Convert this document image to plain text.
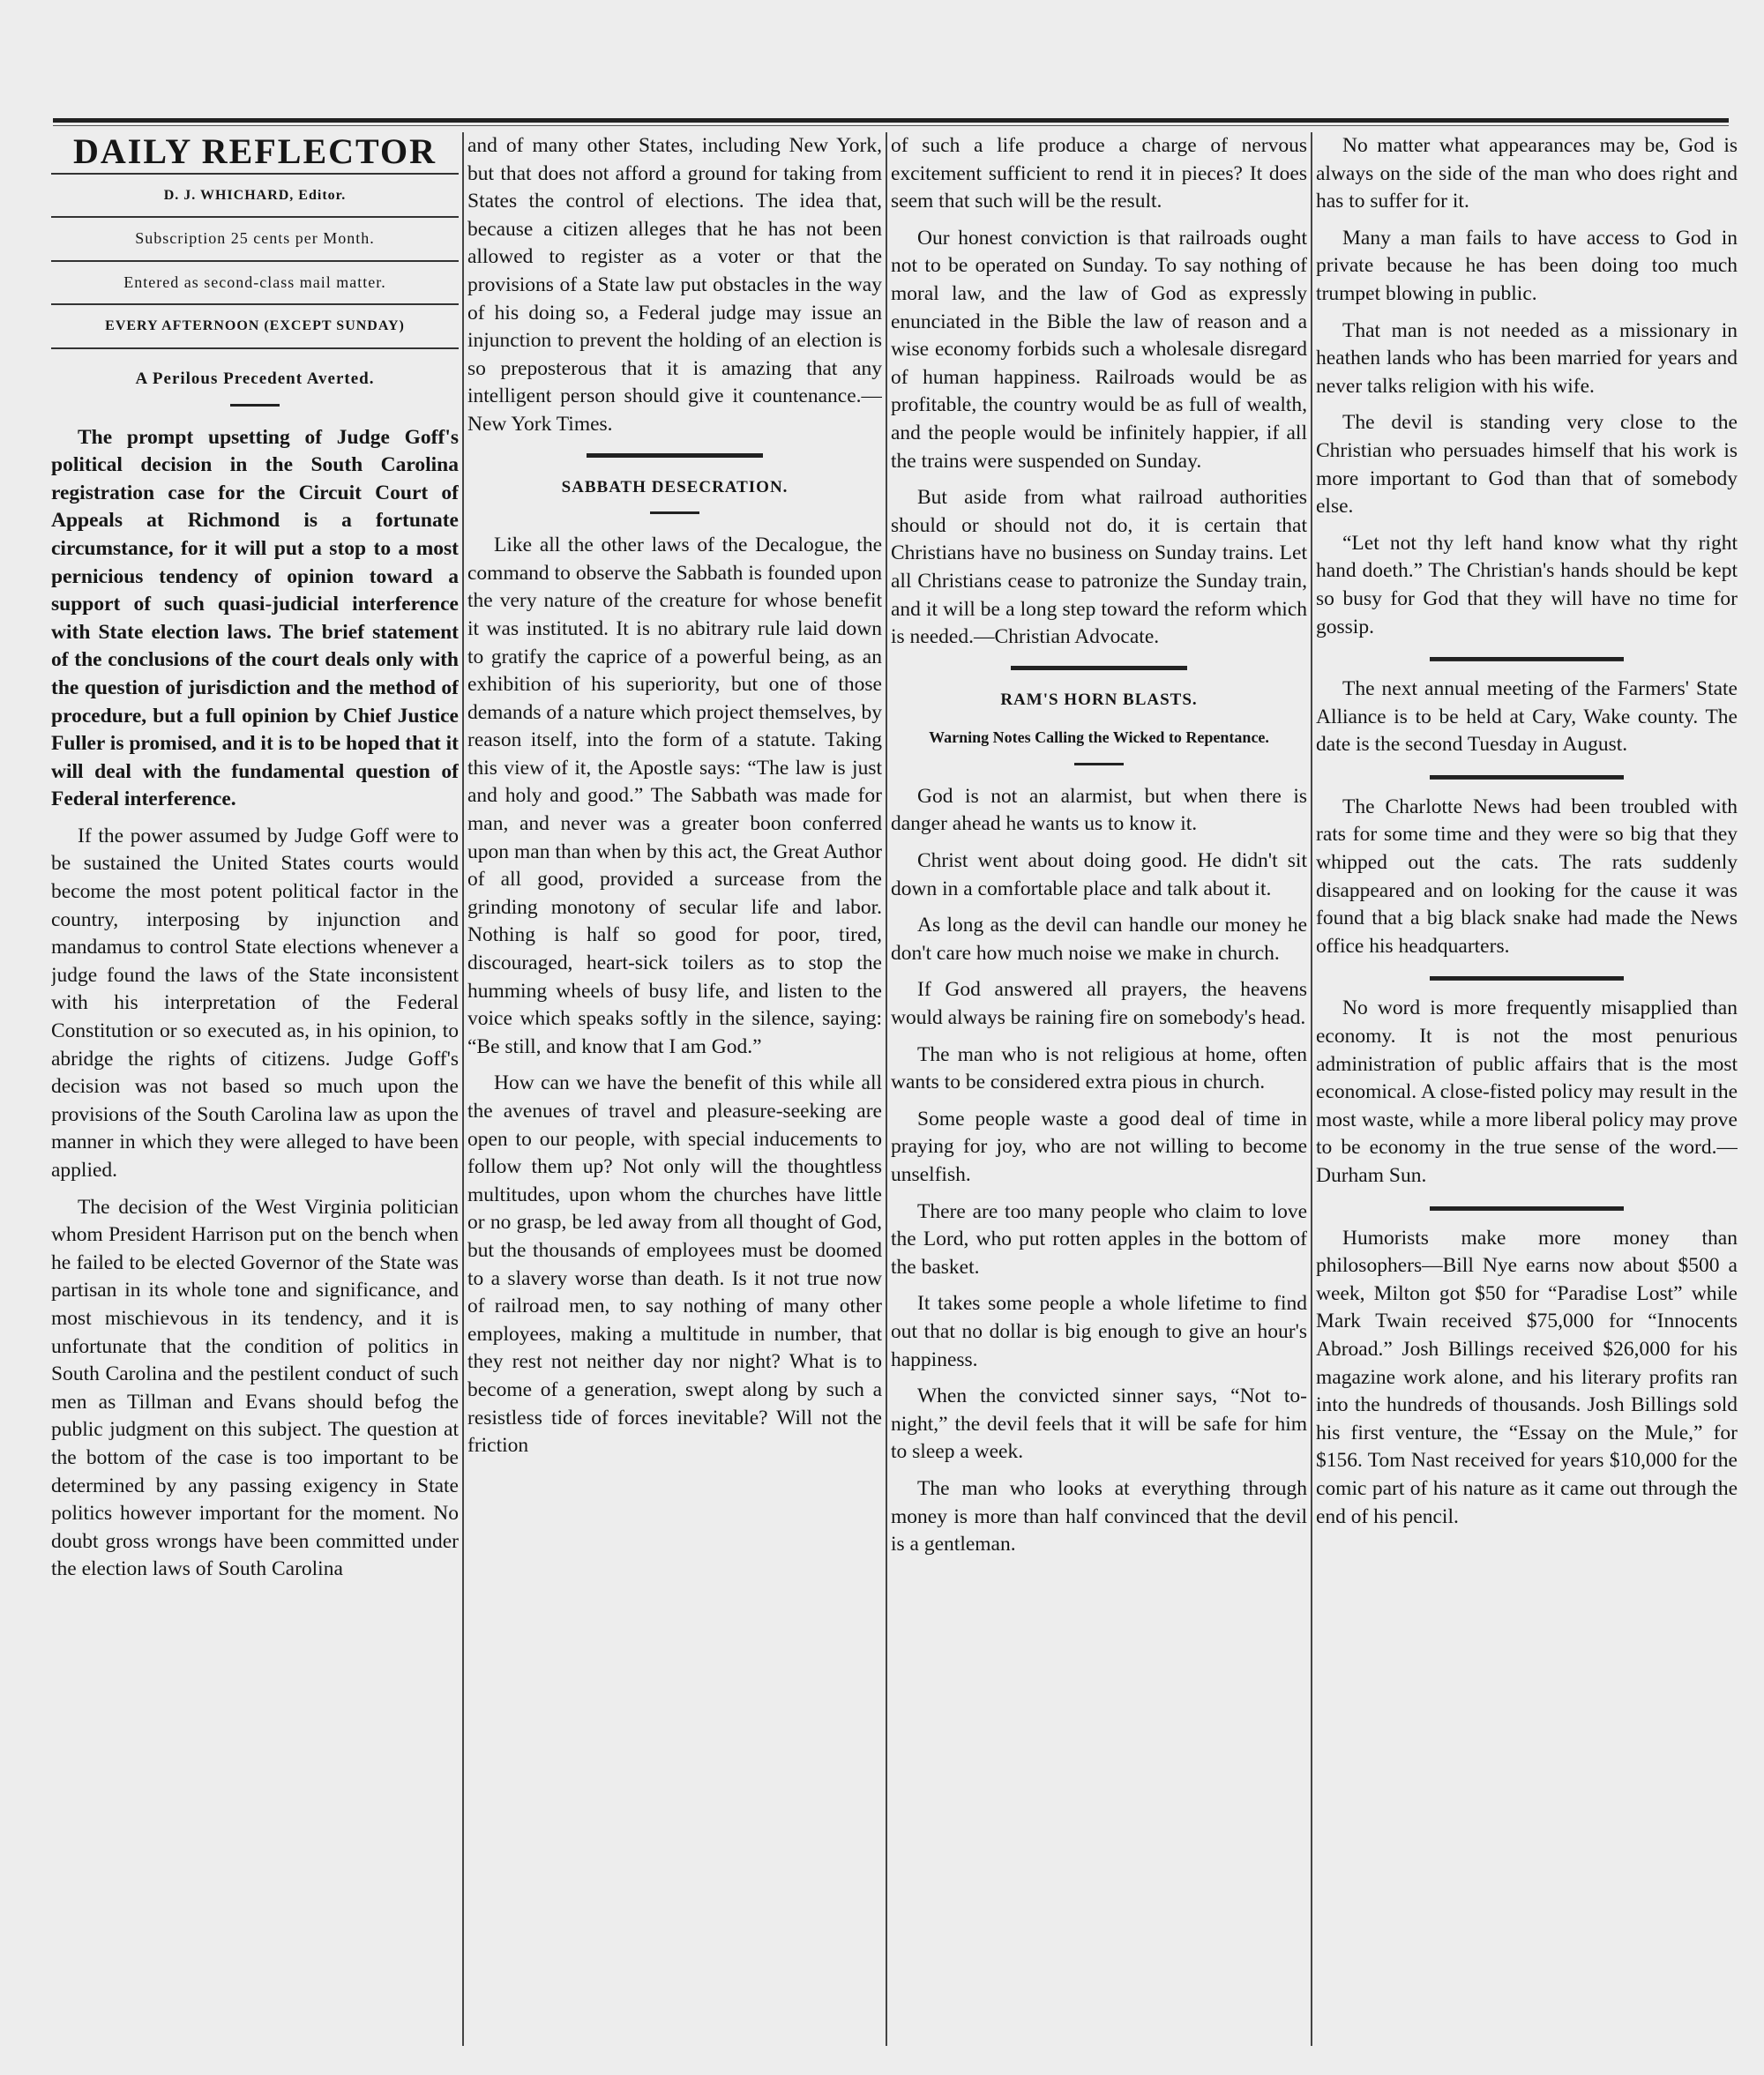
DAILY REFLECTOR

D. J. WHICHARD, Editor.

Subscription 25 cents per Month.

Entered as second-class mail matter.

EVERY AFTERNOON (EXCEPT SUNDAY)

A Perilous Precedent Averted.

The prompt upsetting of Judge Goff's political decision in the South Carolina registration case for the Circuit Court of Appeals at Richmond is a fortunate circumstance, for it will put a stop to a most pernicious tendency of opinion toward a support of such quasi-judicial interference with State election laws. The brief statement of the conclusions of the court deals only with the question of jurisdiction and the method of procedure, but a full opinion by Chief Justice Fuller is promised, and it is to be hoped that it will deal with the fundamental question of Federal interference.

If the power assumed by Judge Goff were to be sustained the United States courts would become the most potent political factor in the country, interposing by injunction and mandamus to control State elections whenever a judge found the laws of the State inconsistent with his interpretation of the Federal Constitution or so executed as, in his opinion, to abridge the rights of citizens. Judge Goff's decision was not based so much upon the provisions of the South Carolina law as upon the manner in which they were alleged to have been applied.

The decision of the West Virginia politician whom President Harrison put on the bench when he failed to be elected Governor of the State was partisan in its whole tone and significance, and most mischievous in its tendency, and it is unfortunate that the condition of politics in South Carolina and the pestilent conduct of such men as Tillman and Evans should befog the public judgment on this subject. The question at the bottom of the case is too important to be determined by any passing exigency in State politics however important for the moment. No doubt gross wrongs have been committed under the election laws of South Carolina

and of many other States, including New York, but that does not afford a ground for taking from States the control of elections. The idea that, because a citizen alleges that he has not been allowed to register as a voter or that the provisions of a State law put obstacles in the way of his doing so, a Federal judge may issue an injunction to prevent the holding of an election is so preposterous that it is amazing that any intelligent person should give it countenance.—New York Times.

SABBATH DESECRATION.

Like all the other laws of the Decalogue, the command to observe the Sabbath is founded upon the very nature of the creature for whose benefit it was instituted. It is no abitrary rule laid down to gratify the caprice of a powerful being, as an exhibition of his superiority, but one of those demands of a nature which project themselves, by reason itself, into the form of a statute. Taking this view of it, the Apostle says: “The law is just and holy and good.” The Sabbath was made for man, and never was a greater boon conferred upon man than when by this act, the Great Author of all good, provided a surcease from the grinding monotony of secular life and labor. Nothing is half so good for poor, tired, discouraged, heart-sick toilers as to stop the humming wheels of busy life, and listen to the voice which speaks softly in the silence, saying: “Be still, and know that I am God.”

How can we have the benefit of this while all the avenues of travel and pleasure-seeking are open to our people, with special inducements to follow them up? Not only will the thoughtless multitudes, upon whom the churches have little or no grasp, be led away from all thought of God, but the thousands of employees must be doomed to a slavery worse than death. Is it not true now of railroad men, to say nothing of many other employees, making a multitude in number, that they rest not neither day nor night? What is to become of a generation, swept along by such a resistless tide of forces inevitable? Will not the friction

of such a life produce a charge of nervous excitement sufficient to rend it in pieces? It does seem that such will be the result.

Our honest conviction is that railroads ought not to be operated on Sunday. To say nothing of moral law, and the law of God as expressly enunciated in the Bible the law of reason and a wise economy forbids such a wholesale disregard of human happiness. Railroads would be as profitable, the country would be as full of wealth, and the people would be infinitely happier, if all the trains were suspended on Sunday.

But aside from what railroad authorities should or should not do, it is certain that Christians have no business on Sunday trains. Let all Christians cease to patronize the Sunday train, and it will be a long step toward the reform which is needed.—Christian Advocate.

RAM'S HORN BLASTS.
Warning Notes Calling the Wicked to Repentance.

God is not an alarmist, but when there is danger ahead he wants us to know it.

Christ went about doing good. He didn't sit down in a comfortable place and talk about it.

As long as the devil can handle our money he don't care how much noise we make in church.

If God answered all prayers, the heavens would always be raining fire on somebody's head.

The man who is not religious at home, often wants to be considered extra pious in church.

Some people waste a good deal of time in praying for joy, who are not willing to become unselfish.

There are too many people who claim to love the Lord, who put rotten apples in the bottom of the basket.

It takes some people a whole lifetime to find out that no dollar is big enough to give an hour's happiness.

When the convicted sinner says, “Not to-night,” the devil feels that it will be safe for him to sleep a week.

The man who looks at everything through money is more than half convinced that the devil is a gentleman.

No matter what appearances may be, God is always on the side of the man who does right and has to suffer for it.

Many a man fails to have access to God in private because he has been doing too much trumpet blowing in public.

That man is not needed as a missionary in heathen lands who has been married for years and never talks religion with his wife.

The devil is standing very close to the Christian who persuades himself that his work is more important to God than that of somebody else.

“Let not thy left hand know what thy right hand doeth.” The Christian's hands should be kept so busy for God that they will have no time for gossip.

The next annual meeting of the Farmers' State Alliance is to be held at Cary, Wake county. The date is the second Tuesday in August.

The Charlotte News had been troubled with rats for some time and they were so big that they whipped out the cats. The rats suddenly disappeared and on looking for the cause it was found that a big black snake had made the News office his headquarters.

No word is more frequently misapplied than economy. It is not the most penurious administration of public affairs that is the most economical. A close-fisted policy may result in the most waste, while a more liberal policy may prove to be economy in the true sense of the word.—Durham Sun.

Humorists make more money than philosophers—Bill Nye earns now about $500 a week, Milton got $50 for “Paradise Lost” while Mark Twain received $75,000 for “Innocents Abroad.” Josh Billings received $26,000 for his magazine work alone, and his literary profits ran into the hundreds of thousands. Josh Billings sold his first venture, the “Essay on the Mule,” for $156. Tom Nast received for years $10,000 for the comic part of his nature as it came out through the end of his pencil.
